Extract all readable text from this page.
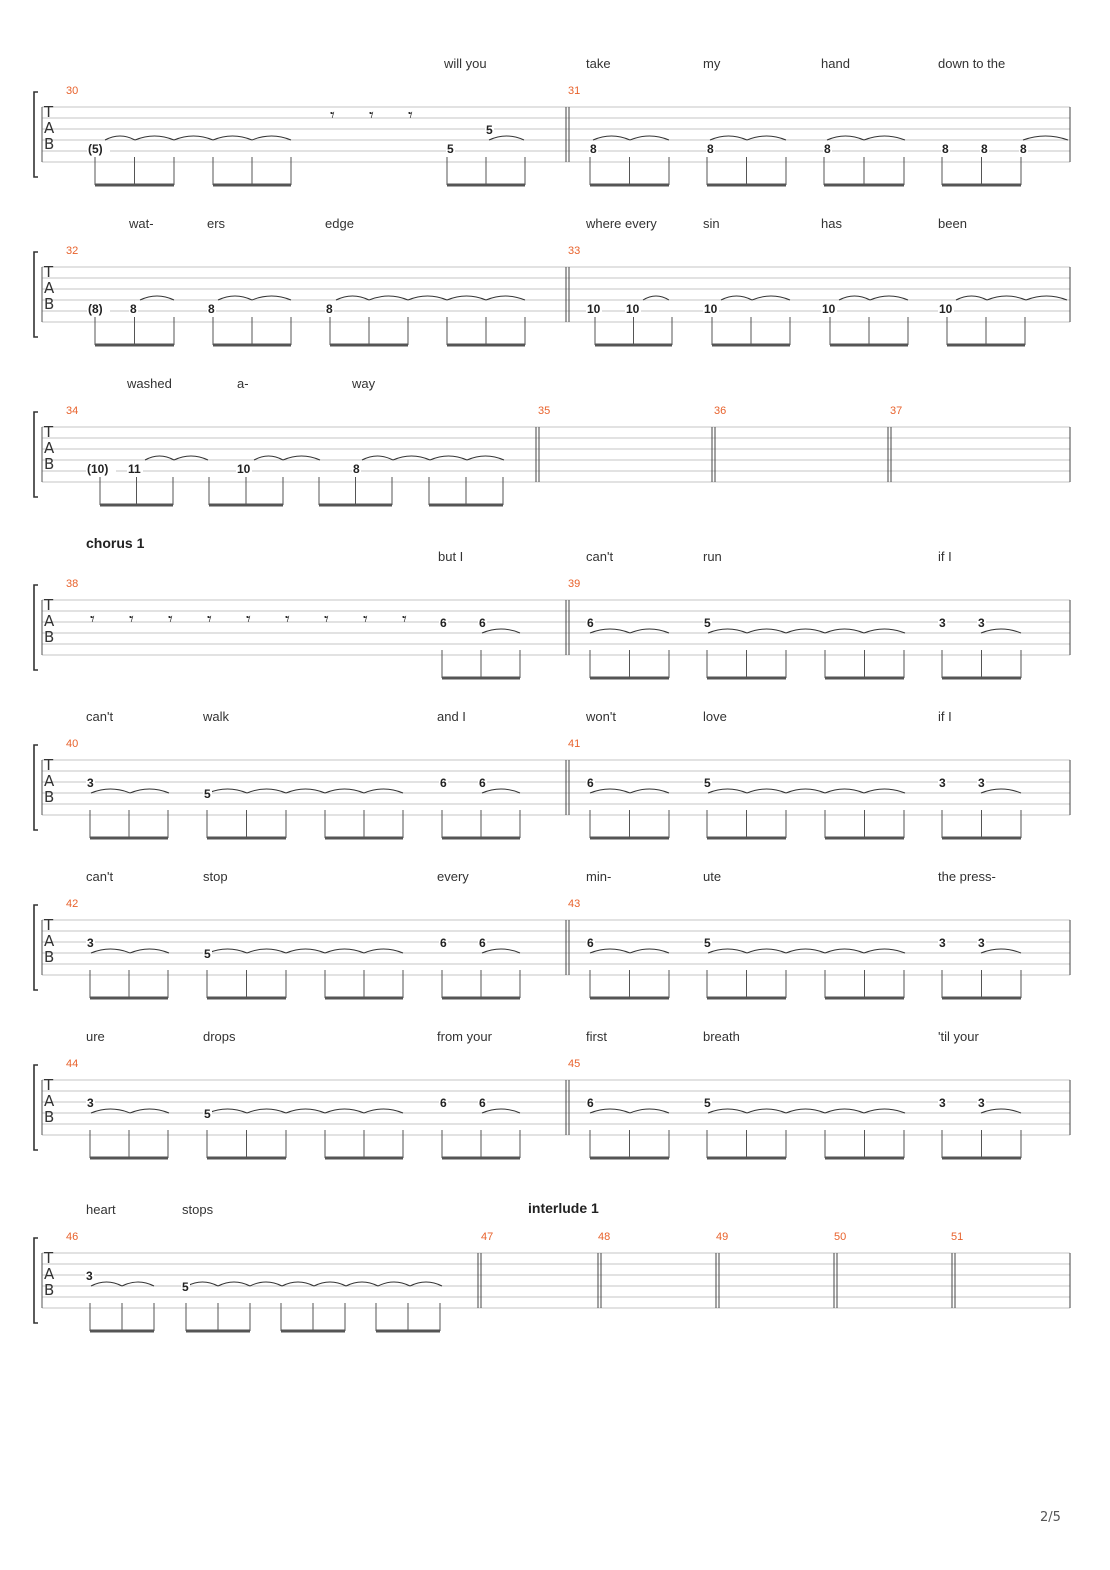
will you	take	my	hand	down to the
30	31
T
A
B
𝄾 𝄾 𝄾
(5)	5
5
8	8	8	8	8	8
wat-	ers	edge	where every	sin	has	been
32	33
T
A
B	(8) 8	8	8	10 10	10	10	10
washed	a-	way
34	35	36	37
T
A
B	(10) 11	10	8
chorus 1
but I	can't	run	if I
38	39
T
A
B
𝄾 𝄾 𝄾 𝄾 𝄾 𝄾 𝄾 𝄾 𝄾	6	6	6	5	3	3
can't	walk	and I	won't	love	if I
40	41
T
A
B
3
5
6	6	6	5	3	3
can't	stop	every	min-	ute	the press-
42	43
T
A
B
3
5
6	6	6	5	3	3
ure	drops	from your	first	breath	'til your
44	45
T
A
B
3
5
6	6	6	5	3	3
interlude 1
heart	stops
46	47	48	49	50	51
T
A
B
3
5
2/5
